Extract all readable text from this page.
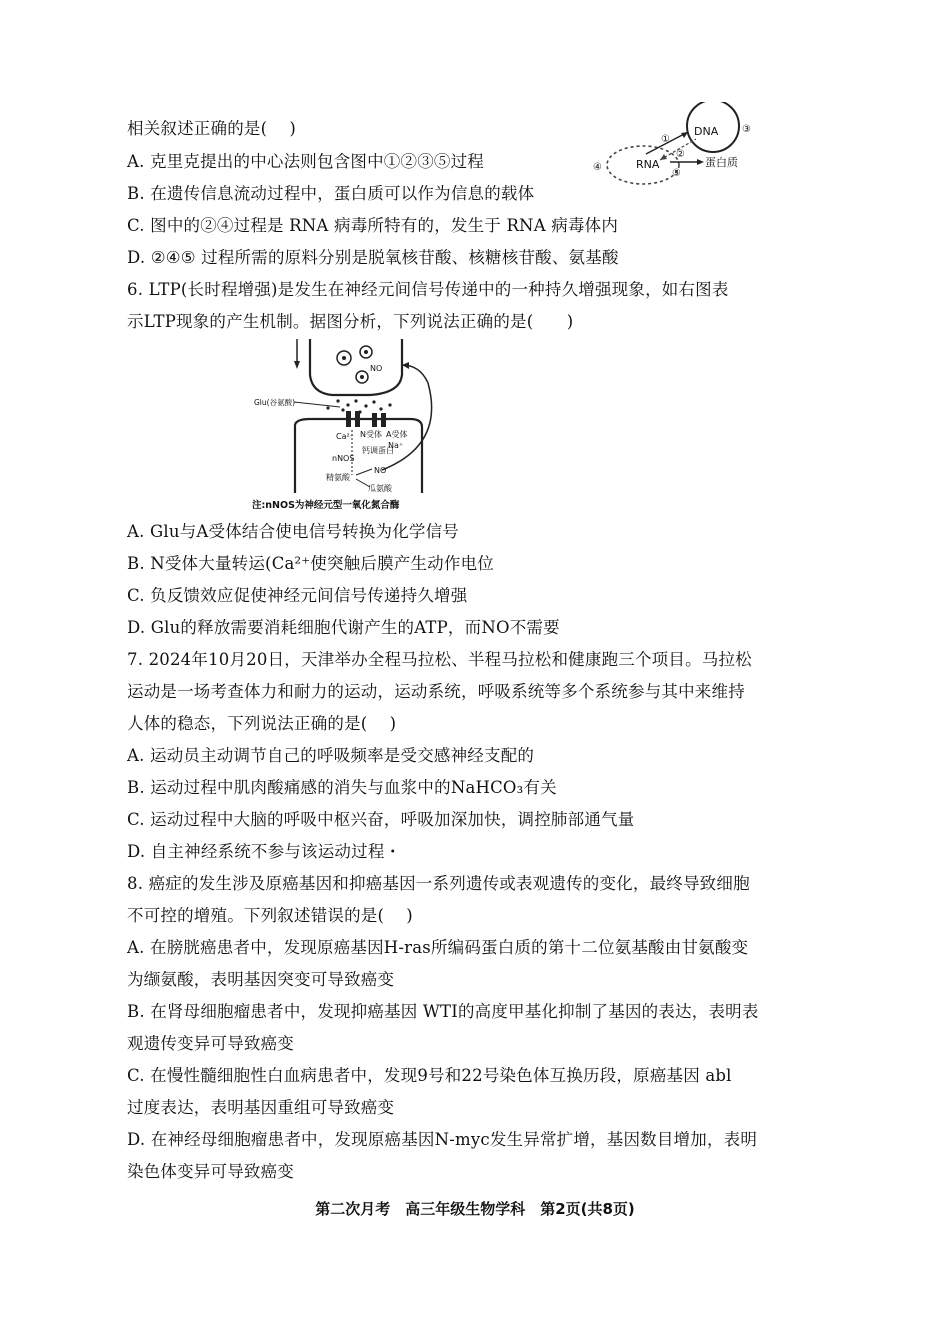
相关叙述正确的是(　 )
A. 克里克提出的中心法则包含图中①②③⑤过程
B. 在遗传信息流动过程中，蛋白质可以作为信息的载体
C. 图中的②④过程是 RNA 病毒所特有的，发生于 RNA 病毒体内
D. ②④⑤ 过程所需的原料分别是脱氧核苷酸、核糖核苷酸、氨基酸
DNA
RNA	蛋白质
①
②
③
④
⑤
6. LTP(长时程增强)是发生在神经元间信号传递中的一种持久增强现象，如右图表
示LTP现象的产生机制。据图分析，下列说法正确的是(　　)
NO
Glu(谷氨酸)
N受体 A受体
Ca²⁺
Na⁺
钙调蛋白
nNOS
精氨酸
NO
瓜氨酸
注:nNOS为神经元型一氧化氮合酶
A. Glu与A受体结合使电信号转换为化学信号
B. N受体大量转运(Ca²⁺使突触后膜产生动作电位
C. 负反馈效应促使神经元间信号传递持久增强
D. Glu的释放需要消耗细胞代谢产生的ATP，而NO不需要
7. 2024年10月20日，天津举办全程马拉松、半程马拉松和健康跑三个项目。马拉松
运动是一场考查体力和耐力的运动，运动系统，呼吸系统等多个系统参与其中来维持
人体的稳态，下列说法正确的是(　 )
A. 运动员主动调节自己的呼吸频率是受交感神经支配的
B. 运动过程中肌肉酸痛感的消失与血浆中的NaHCO₃有关
C. 运动过程中大脑的呼吸中枢兴奋，呼吸加深加快，调控肺部通气量
D. 自主神经系统不参与该运动过程・
8. 癌症的发生涉及原癌基因和抑癌基因一系列遗传或表观遗传的变化，最终导致细胞
不可控的增殖。下列叙述错误的是(　 )
A. 在膀胱癌患者中，发现原癌基因H-ras所编码蛋白质的第十二位氨基酸由甘氨酸变
为缬氨酸，表明基因突变可导致癌变
B. 在肾母细胞瘤患者中，发现抑癌基因 WTI的高度甲基化抑制了基因的表达，表明表
观遗传变异可导致癌变
C. 在慢性髓细胞性白血病患者中，发现9号和22号染色体互换历段，原癌基因 abl
过度表达，表明基因重组可导致癌变
D. 在神经母细胞瘤患者中，发现原癌基因N-myc发生异常扩增，基因数目增加，表明
染色体变异可导致癌变
第二次月考　高三年级生物学科　第2页(共8页)
